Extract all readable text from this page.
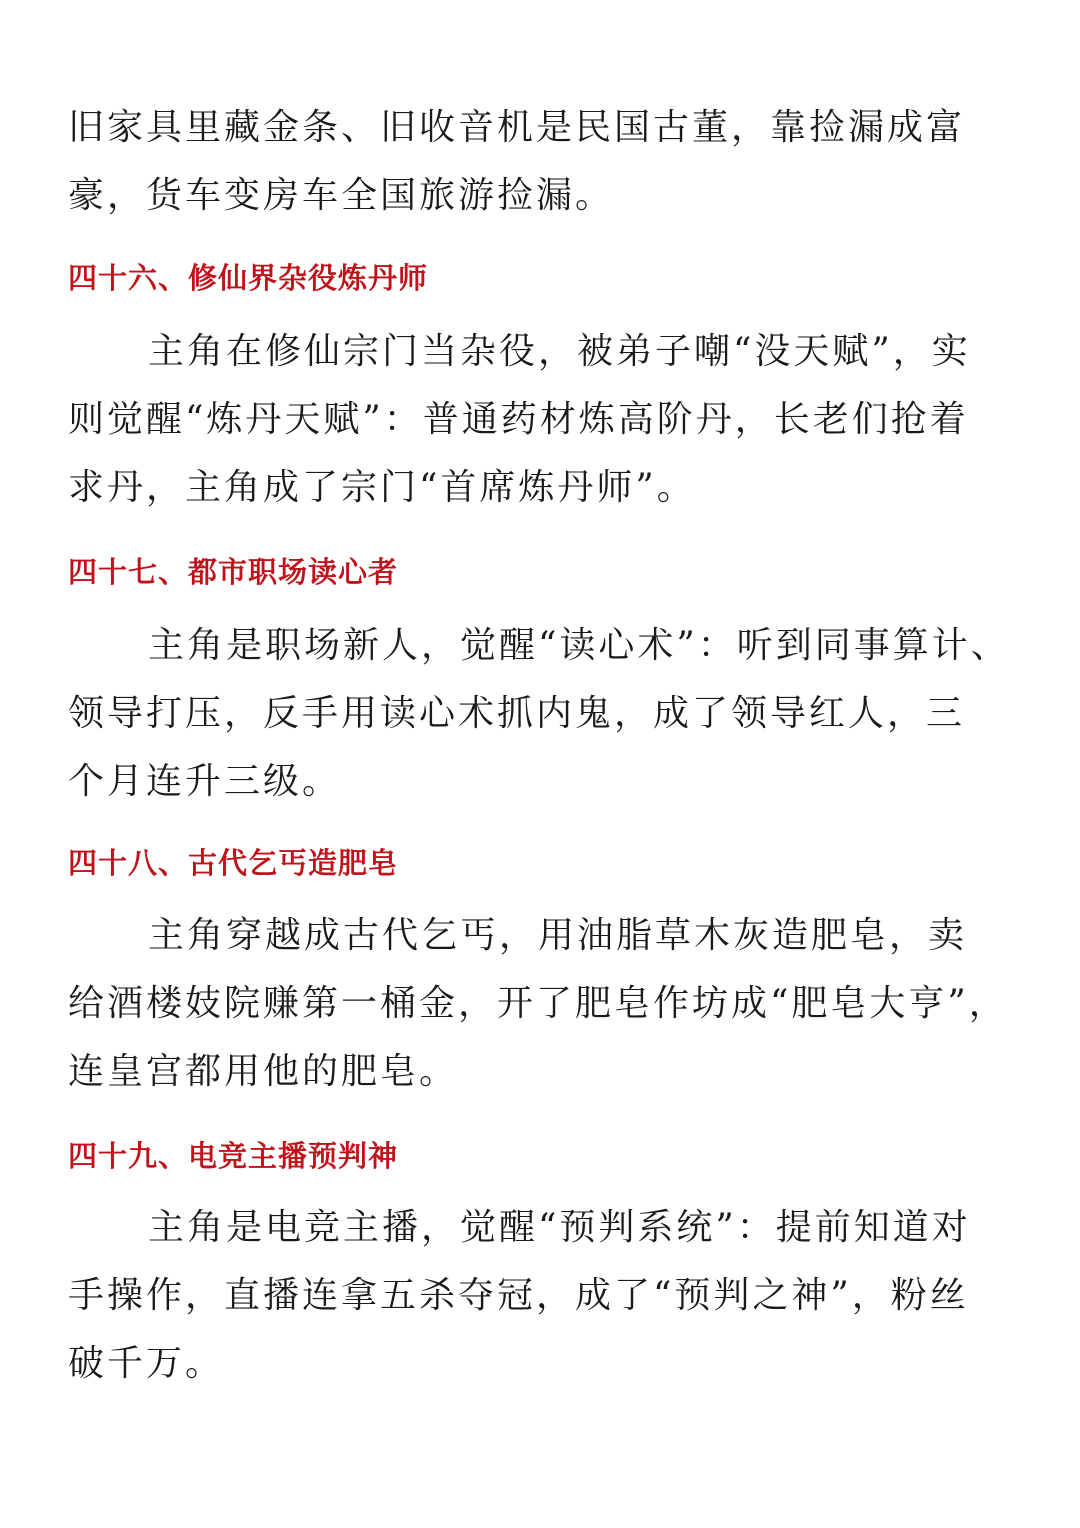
旧家具里藏金条、旧收音机是民国古董，靠捡漏成富
豪，货车变房车全国旅游捡漏。
四十六、修仙界杂役炼丹师
主角在修仙宗门当杂役，被弟子嘲“没天赋”，实
则觉醒“炼丹天赋”：普通药材炼高阶丹，长老们抢着
求丹，主角成了宗门“首席炼丹师”。
四十七、都市职场读心者
主角是职场新人，觉醒“读心术”：听到同事算计、
领导打压，反手用读心术抓内鬼，成了领导红人，三
个月连升三级。
四十八、古代乞丐造肥皂
主角穿越成古代乞丐，用油脂草木灰造肥皂，卖
给酒楼妓院赚第一桶金，开了肥皂作坊成“肥皂大亨”，
连皇宫都用他的肥皂。
四十九、电竞主播预判神
主角是电竞主播，觉醒“预判系统”：提前知道对
手操作，直播连拿五杀夺冠，成了“预判之神”，粉丝
破千万。
